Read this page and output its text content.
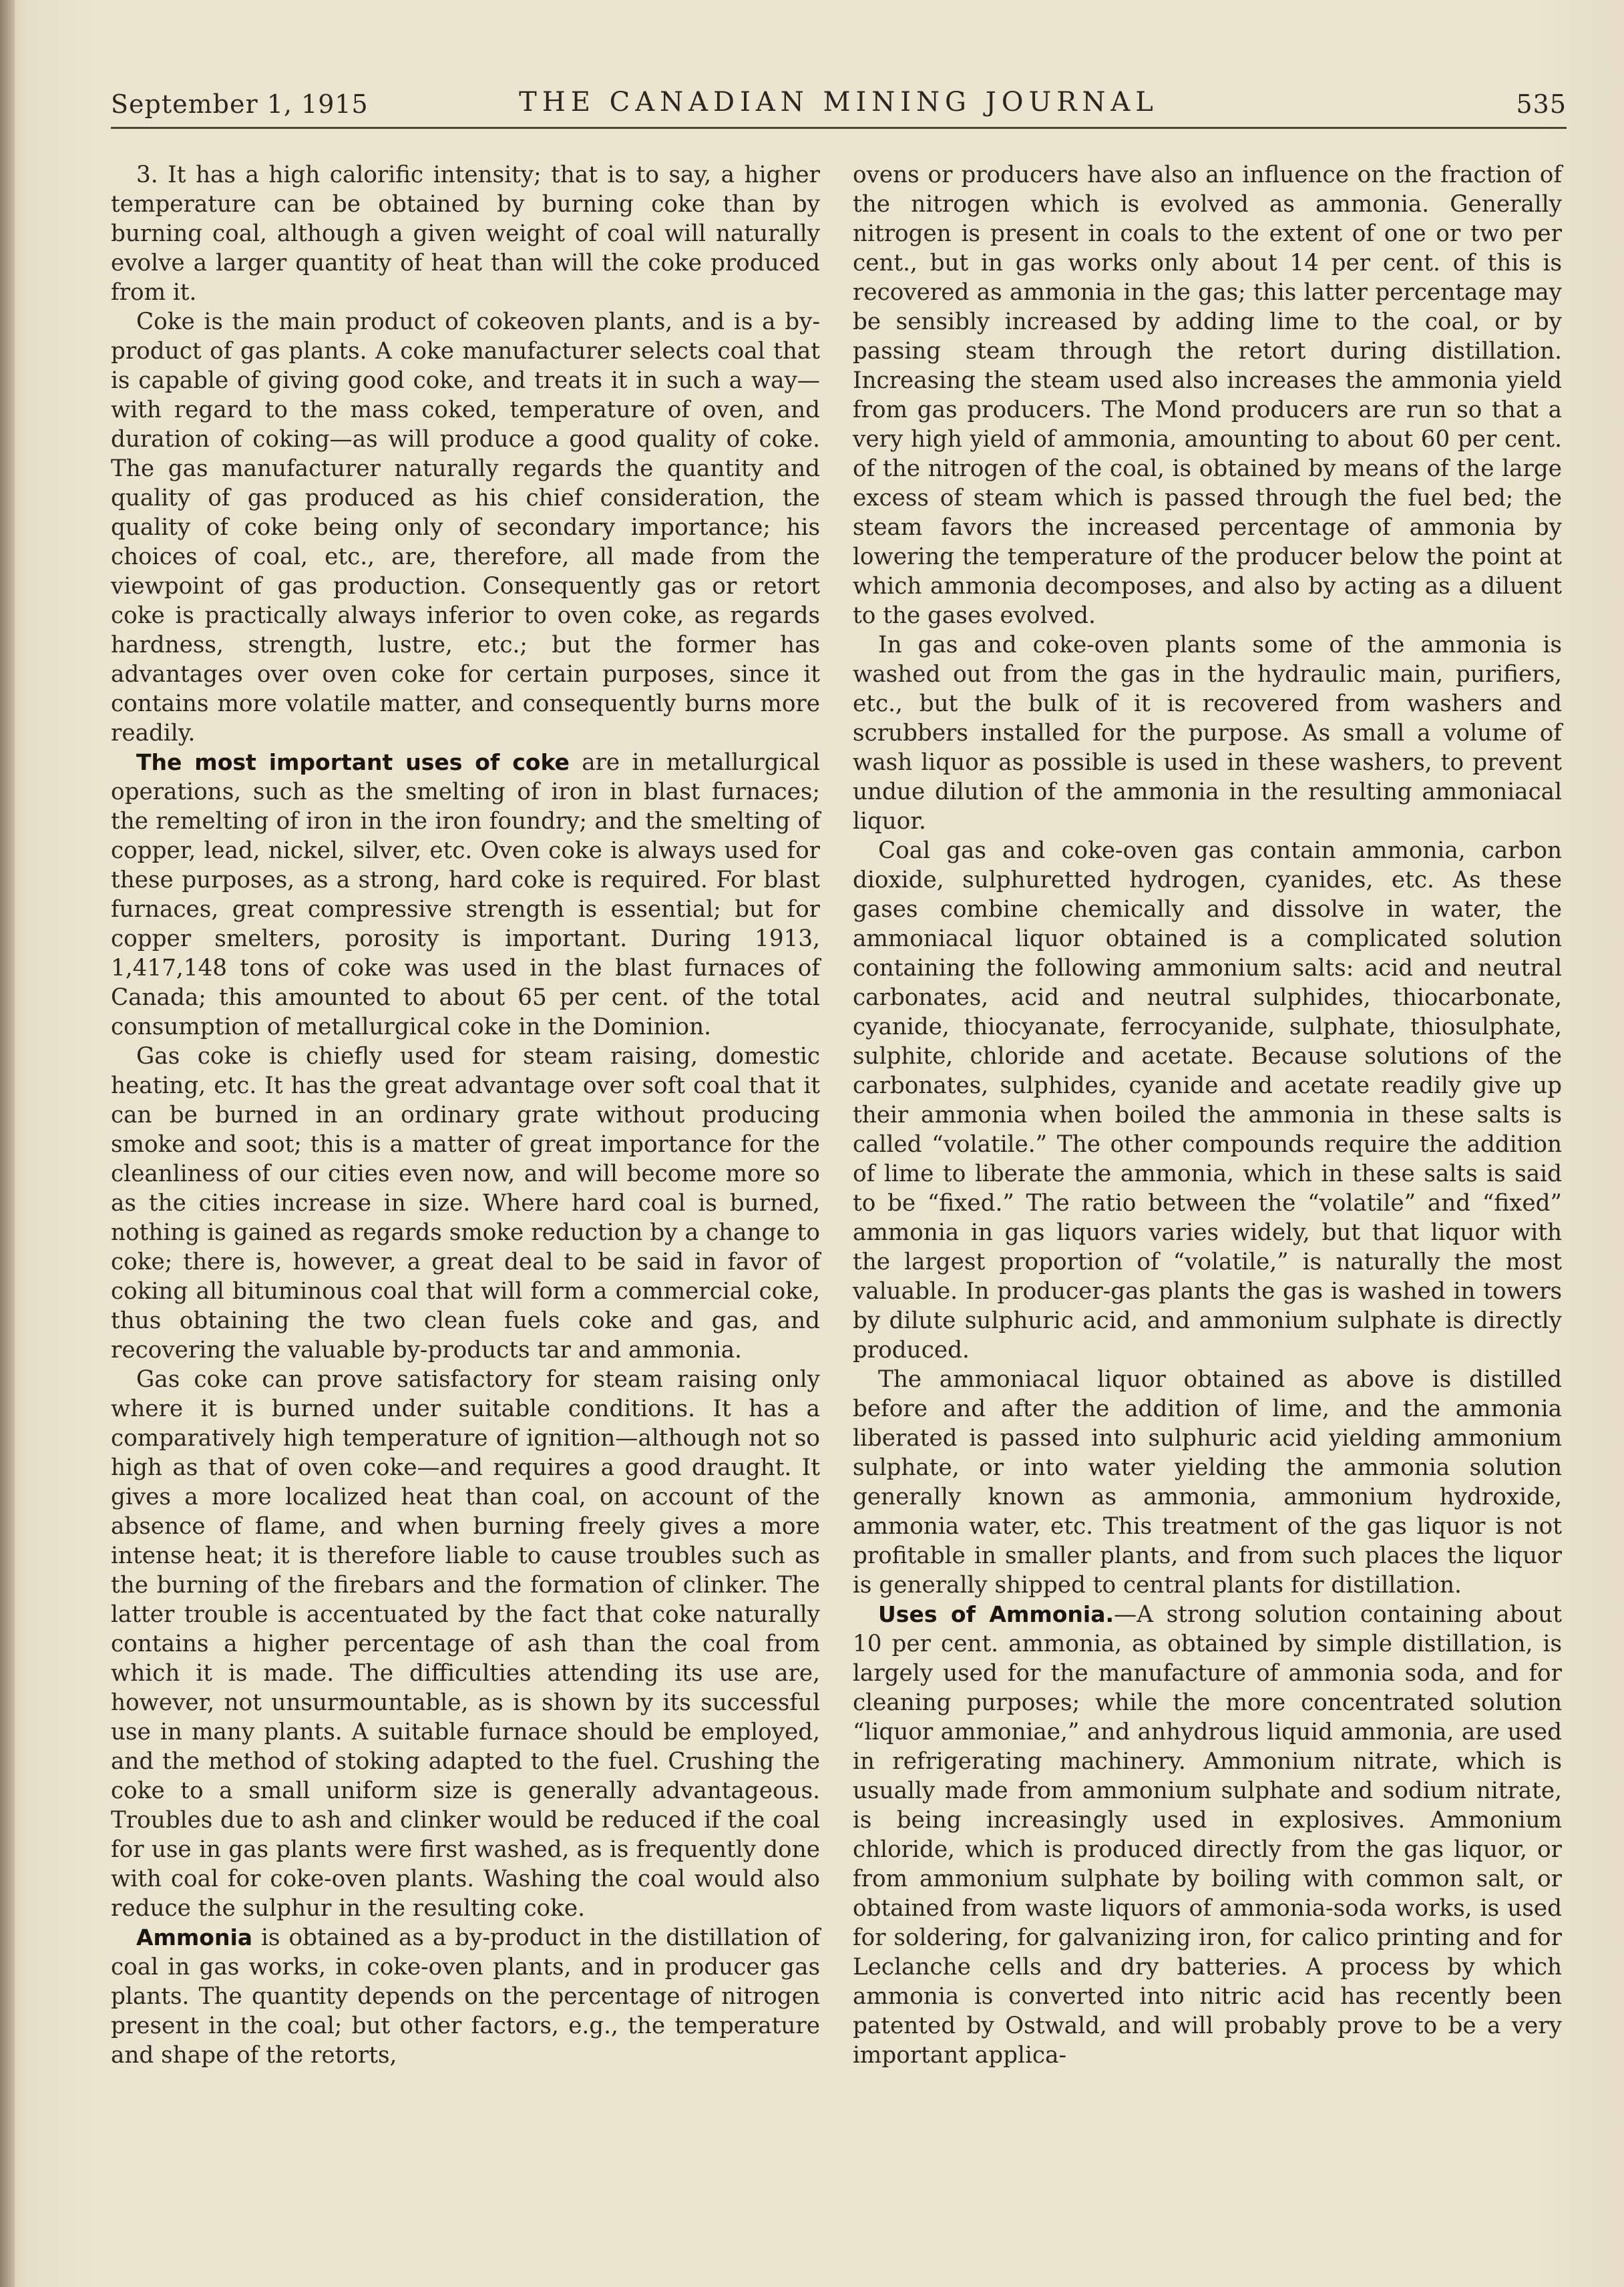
September 1, 1915	THE CANADIAN MINING JOURNAL	535

3. It has a high calorific intensity; that is to say, a higher temperature can be obtained by burning coke than by burning coal, although a given weight of coal will naturally evolve a larger quantity of heat than will the coke produced from it.

Coke is the main product of cokeoven plants, and is a by-product of gas plants. A coke manufacturer selects coal that is capable of giving good coke, and treats it in such a way—with regard to the mass coked, temperature of oven, and duration of coking—as will produce a good quality of coke. The gas manufacturer naturally regards the quantity and quality of gas produced as his chief consideration, the quality of coke being only of secondary importance; his choices of coal, etc., are, therefore, all made from the viewpoint of gas production. Consequently gas or retort coke is practically always inferior to oven coke, as regards hardness, strength, lustre, etc.; but the former has advantages over oven coke for certain purposes, since it contains more volatile matter, and consequently burns more readily.

The most important uses of coke are in metallurgical operations, such as the smelting of iron in blast furnaces; the remelting of iron in the iron foundry; and the smelting of copper, lead, nickel, silver, etc. Oven coke is always used for these purposes, as a strong, hard coke is required. For blast furnaces, great compressive strength is essential; but for copper smelters, porosity is important. During 1913, 1,417,148 tons of coke was used in the blast furnaces of Canada; this amounted to about 65 per cent. of the total consumption of metallurgical coke in the Dominion.

Gas coke is chiefly used for steam raising, domestic heating, etc. It has the great advantage over soft coal that it can be burned in an ordinary grate without producing smoke and soot; this is a matter of great importance for the cleanliness of our cities even now, and will become more so as the cities increase in size. Where hard coal is burned, nothing is gained as regards smoke reduction by a change to coke; there is, however, a great deal to be said in favor of coking all bituminous coal that will form a commercial coke, thus obtaining the two clean fuels coke and gas, and recovering the valuable by-products tar and ammonia.

Gas coke can prove satisfactory for steam raising only where it is burned under suitable conditions. It has a comparatively high temperature of ignition—although not so high as that of oven coke—and requires a good draught. It gives a more localized heat than coal, on account of the absence of flame, and when burning freely gives a more intense heat; it is therefore liable to cause troubles such as the burning of the firebars and the formation of clinker. The latter trouble is accentuated by the fact that coke naturally contains a higher percentage of ash than the coal from which it is made. The difficulties attending its use are, however, not unsurmountable, as is shown by its successful use in many plants. A suitable furnace should be employed, and the method of stoking adapted to the fuel. Crushing the coke to a small uniform size is generally advantageous. Troubles due to ash and clinker would be reduced if the coal for use in gas plants were first washed, as is frequently done with coal for coke-oven plants. Washing the coal would also reduce the sulphur in the resulting coke.

Ammonia is obtained as a by-product in the distillation of coal in gas works, in coke-oven plants, and in producer gas plants. The quantity depends on the percentage of nitrogen present in the coal; but other factors, e.g., the temperature and shape of the retorts,

ovens or producers have also an influence on the fraction of the nitrogen which is evolved as ammonia. Generally nitrogen is present in coals to the extent of one or two per cent., but in gas works only about 14 per cent. of this is recovered as ammonia in the gas; this latter percentage may be sensibly increased by adding lime to the coal, or by passing steam through the retort during distillation. Increasing the steam used also increases the ammonia yield from gas producers. The Mond producers are run so that a very high yield of ammonia, amounting to about 60 per cent. of the nitrogen of the coal, is obtained by means of the large excess of steam which is passed through the fuel bed; the steam favors the increased percentage of ammonia by lowering the temperature of the producer below the point at which ammonia decomposes, and also by acting as a diluent to the gases evolved.

In gas and coke-oven plants some of the ammonia is washed out from the gas in the hydraulic main, purifiers, etc., but the bulk of it is recovered from washers and scrubbers installed for the purpose. As small a volume of wash liquor as possible is used in these washers, to prevent undue dilution of the ammonia in the resulting ammoniacal liquor.

Coal gas and coke-oven gas contain ammonia, carbon dioxide, sulphuretted hydrogen, cyanides, etc. As these gases combine chemically and dissolve in water, the ammoniacal liquor obtained is a complicated solution containing the following ammonium salts: acid and neutral carbonates, acid and neutral sulphides, thiocarbonate, cyanide, thiocyanate, ferrocyanide, sulphate, thiosulphate, sulphite, chloride and acetate. Because solutions of the carbonates, sulphides, cyanide and acetate readily give up their ammonia when boiled the ammonia in these salts is called “volatile.” The other compounds require the addition of lime to liberate the ammonia, which in these salts is said to be “fixed.” The ratio between the “volatile” and “fixed” ammonia in gas liquors varies widely, but that liquor with the largest proportion of “volatile,” is naturally the most valuable. In producer-gas plants the gas is washed in towers by dilute sulphuric acid, and ammonium sulphate is directly produced.

The ammoniacal liquor obtained as above is distilled before and after the addition of lime, and the ammonia liberated is passed into sulphuric acid yielding ammonium sulphate, or into water yielding the ammonia solution generally known as ammonia, ammonium hydroxide, ammonia water, etc. This treatment of the gas liquor is not profitable in smaller plants, and from such places the liquor is generally shipped to central plants for distillation.

Uses of Ammonia.—A strong solution containing about 10 per cent. ammonia, as obtained by simple distillation, is largely used for the manufacture of ammonia soda, and for cleaning purposes; while the more concentrated solution “liquor ammoniae,” and anhydrous liquid ammonia, are used in refrigerating machinery. Ammonium nitrate, which is usually made from ammonium sulphate and sodium nitrate, is being increasingly used in explosives. Ammonium chloride, which is produced directly from the gas liquor, or from ammonium sulphate by boiling with common salt, or obtained from waste liquors of ammonia-soda works, is used for soldering, for galvanizing iron, for calico printing and for Leclanche cells and dry batteries. A process by which ammonia is converted into nitric acid has recently been patented by Ostwald, and will probably prove to be a very important applica-
